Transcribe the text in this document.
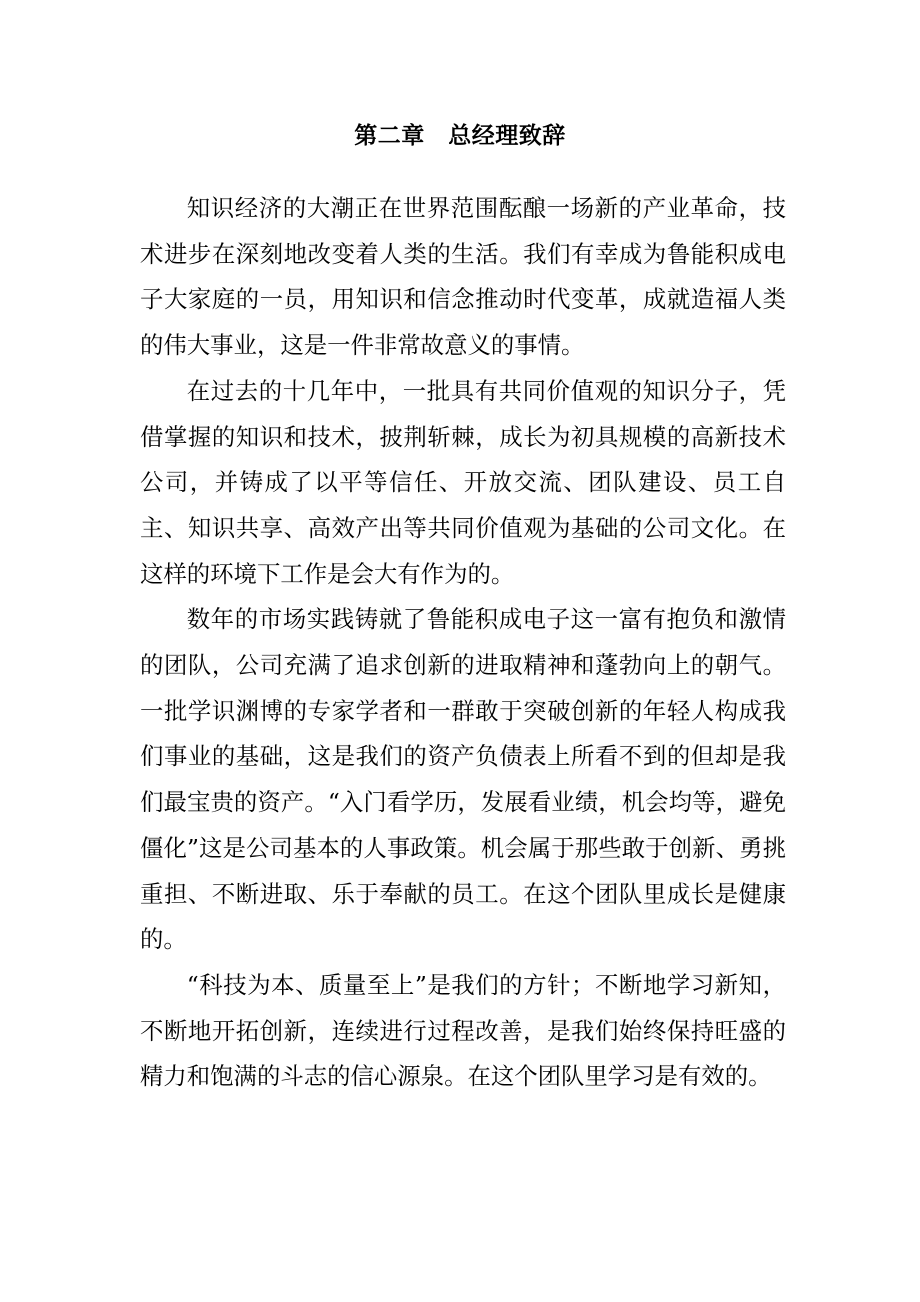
第二章　总经理致辞

知识经济的大潮正在世界范围酝酿一场新的产业革命，技术进步在深刻地改变着人类的生活。我们有幸成为鲁能积成电子大家庭的一员，用知识和信念推动时代变革，成就造福人类的伟大事业，这是一件非常故意义的事情。

在过去的十几年中，一批具有共同价值观的知识分子，凭借掌握的知识和技术，披荆斩棘，成长为初具规模的高新技术公司，并铸成了以平等信任、开放交流、团队建设、员工自主、知识共享、高效产出等共同价值观为基础的公司文化。在这样的环境下工作是会大有作为的。

数年的市场实践铸就了鲁能积成电子这一富有抱负和激情的团队，公司充满了追求创新的进取精神和蓬勃向上的朝气。一批学识渊博的专家学者和一群敢于突破创新的年轻人构成我们事业的基础，这是我们的资产负债表上所看不到的但却是我们最宝贵的资产。“入门看学历，发展看业绩，机会均等，避免僵化”这是公司基本的人事政策。机会属于那些敢于创新、勇挑重担、不断进取、乐于奉献的员工。在这个团队里成长是健康的。

“科技为本、质量至上”是我们的方针；不断地学习新知，不断地开拓创新，连续进行过程改善，是我们始终保持旺盛的精力和饱满的斗志的信心源泉。在这个团队里学习是有效的。
